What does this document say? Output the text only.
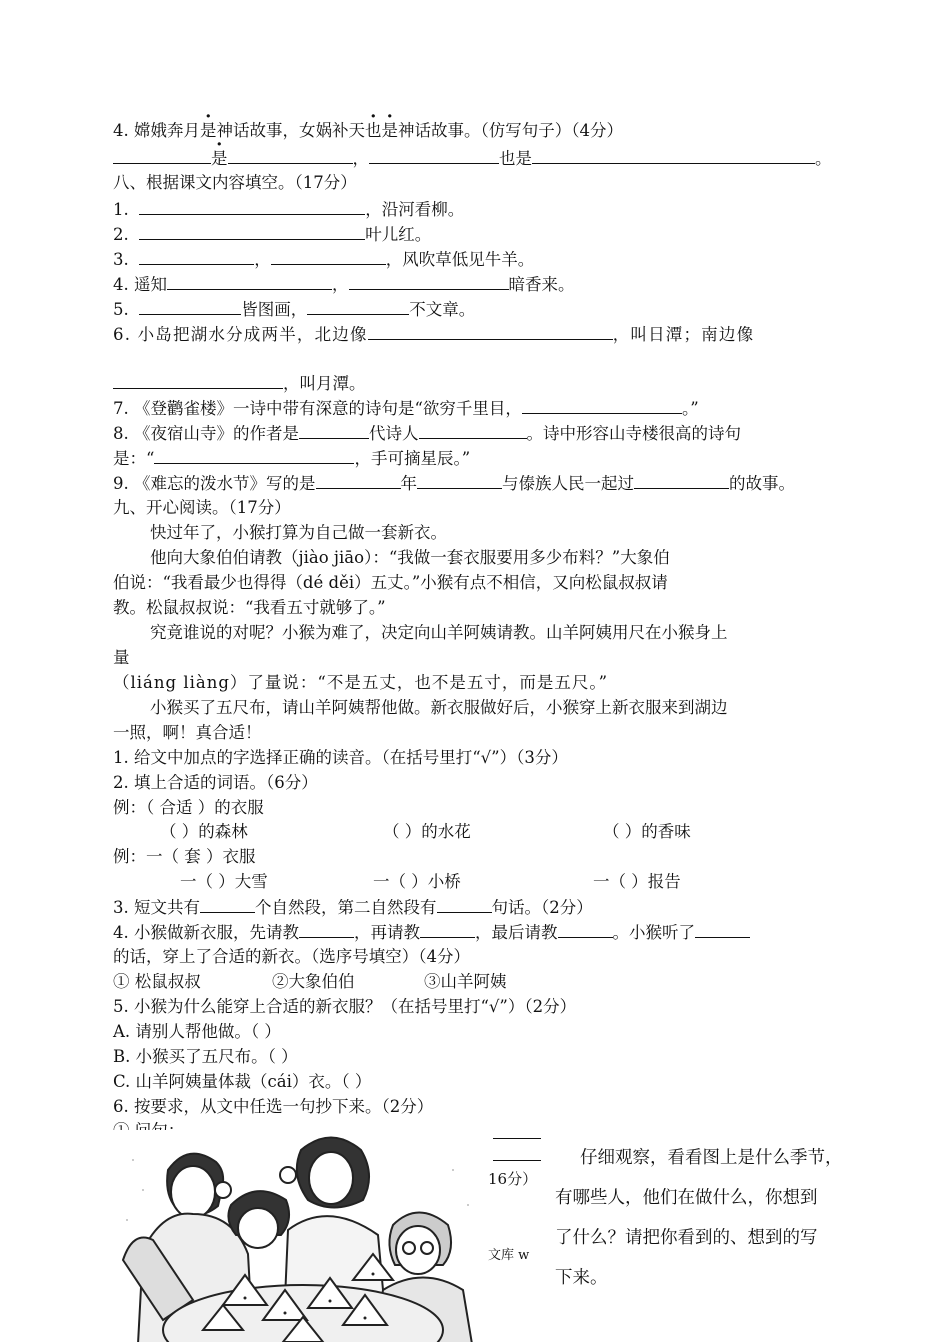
4. 嫦娥奔月是神话故事，女娲补天也是神话故事。（仿写句子）（4分）
是	，	也是	。
八、根据课文内容填空。（17分）
1.	，沿河看柳。
2.	叶儿红。
3.	，	，风吹草低见牛羊。
4. 遥知	，	暗香来。
5.	皆图画，	不文章。
6. 小岛把湖水分成两半，北边像	，叫日潭；南边像
，叫月潭。
7. 《登鹳雀楼》一诗中带有深意的诗句是“欲穷千里目，	。”
8. 《夜宿山寺》的作者是	代诗人	。诗中形容山寺楼很高的诗句
是：“	，手可摘星辰。”
9. 《难忘的泼水节》写的是	年	与傣族人民一起过	的故事。
九、开心阅读。（17分）
快过年了，小猴打算为自己做一套新衣。
他向大象伯伯请教（jiào jiāo）：“我做一套衣服要用多少布料？”大象伯
伯说：“我看最少也得得（dé děi）五丈。”小猴有点不相信，又向松鼠叔叔请
教。松鼠叔叔说：“我看五寸就够了。”
究竟谁说的对呢？小猴为难了，决定向山羊阿姨请教。山羊阿姨用尺在小猴身上
量
（liáng liàng）了量说：“不是五丈，也不是五寸，而是五尺。”
小猴买了五尺布，请山羊阿姨帮他做。新衣服做好后，小猴穿上新衣服来到湖边
一照，啊！真合适！
1. 给文中加点的字选择正确的读音。（在括号里打“√”）（3分）
2. 填上合适的词语。（6分）
例：（ 合适 ）的衣服
（ ）的森林	（ ）的水花	（ ）的香味
例：一（ 套 ）衣服
一（ ）大雪	一（ ）小桥	一（ ）报告
3. 短文共有	个自然段，第二自然段有	句话。（2分）
4. 小猴做新衣服，先请教	，再请教	，最后请教	。小猴听了
的话，穿上了合适的新衣。（选序号填空）（4分）
① 松鼠叔叔	②大象伯伯	③山羊阿姨
5. 小猴为什么能穿上合适的新衣服？（在括号里打“√”）（2分）
A. 请别人帮他做。（ ）
B. 小猴买了五尺布。（ ）
C. 山羊阿姨量体裁（cái）衣。（ ）
6. 按要求，从文中任选一句抄下来。（2分）
16分）
文库 w
仔细观察，看看图上是什么季节，
有哪些人，他们在做什么，你想到
了什么？请把你看到的、想到的写
下来。
